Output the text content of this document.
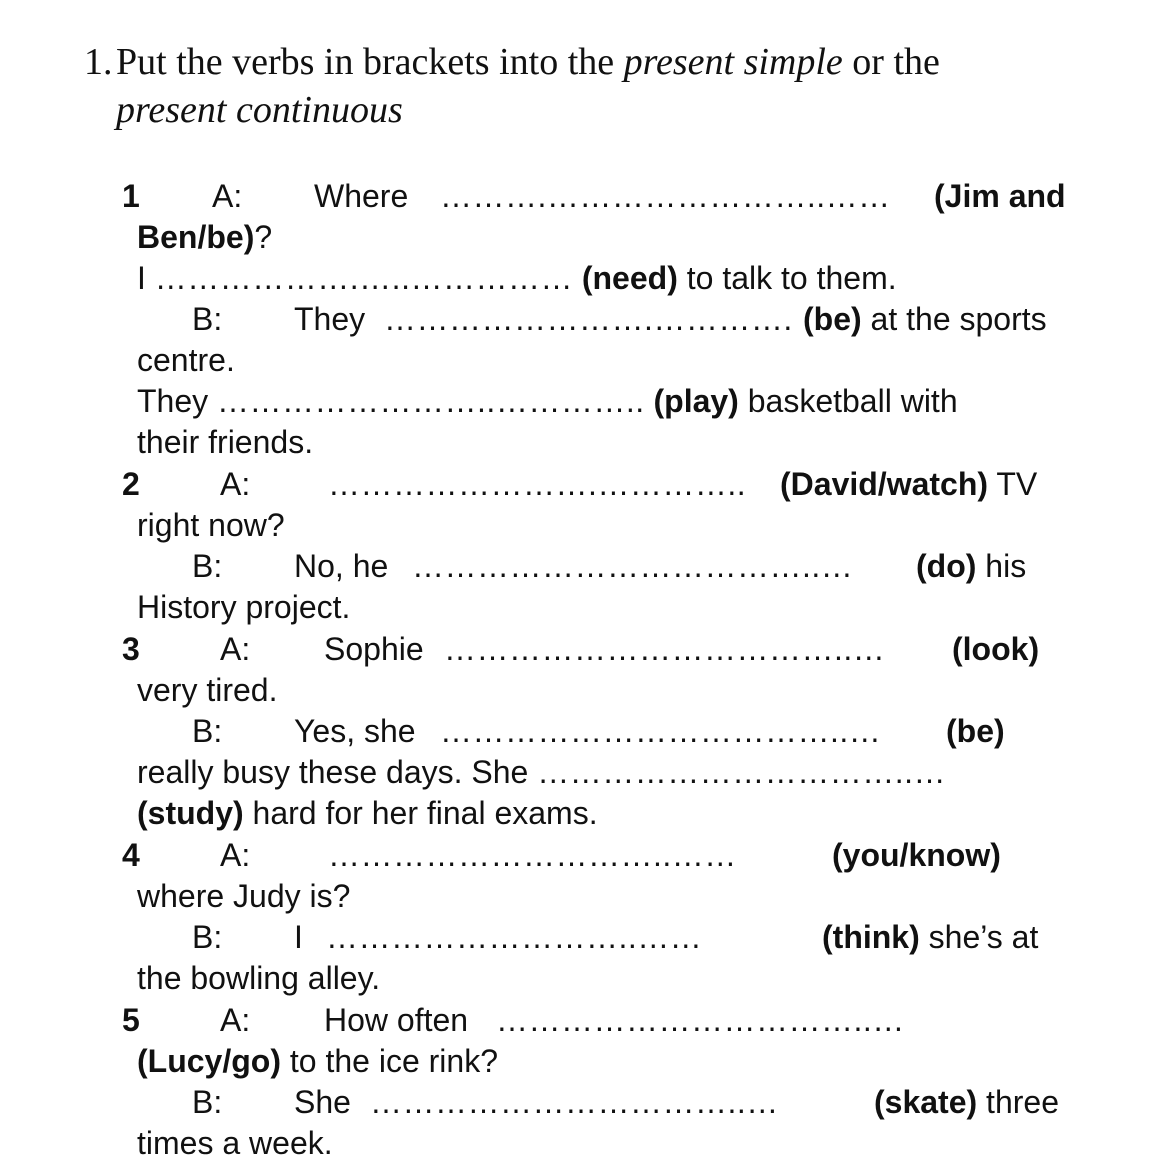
1.Put the verbs in brackets into the present simple or the
present continuous
1 A: Where ……….……………………..…… (Jim and
Ben/be)?
I ……………….…..…………… (need) to talk to them.
B: They …………………….…………. (be) at the sports
centre.
They ……………………..………….. (play) basketball with
their friends.
2	A: …………………….………….. (David/watch) TV
right now?
B: No, he ………………………………..… (do) his
History project.
3	A: Sophie ………………………………..… (look)
very tired.
B: Yes, she ………………………………..… (be)
really busy these days. She ……………………………..…
(study) hard for her final exams.
4	A: …………………………..……	(you/know)
where Judy is?
B: I ………………………..……	(think) she’s at
the bowling alley.
5	A: How often ……………………………..…
(Lucy/go) to the ice rink?
B: She ……………………………..…	(skate) three
times a week.
